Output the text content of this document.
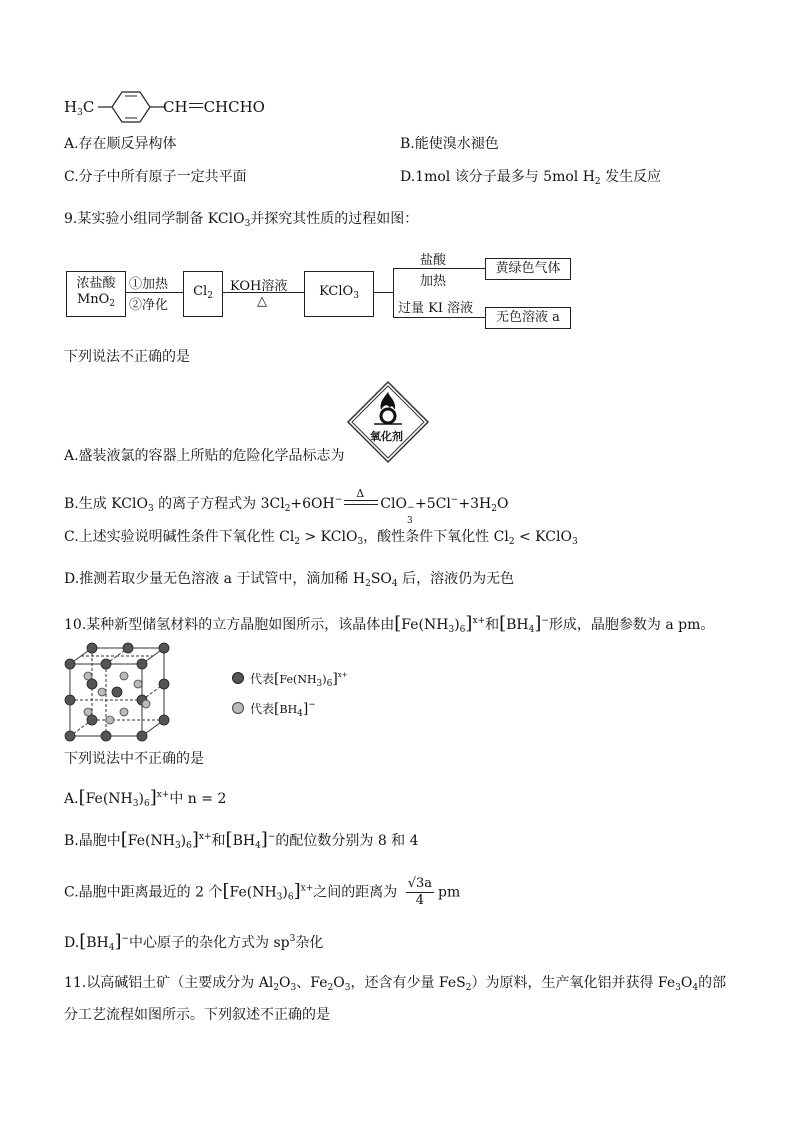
$H_3C$	CH CHCHO
A.存在顺反异构体	B.能使溴水褪色
C.分子中所有原子一定共平面	D.1mol 该分子最多与 5mol $H_2$ 发生反应
9.某实验小组同学制备 KClO$_3$并探究其性质的过程如图：
浓盐酸
MnO$_2$
①加热
②净化
$Cl_2$
KOH溶液
△
KClO$_3$
盐酸
加热
过量 KI 溶液
黄绿色气体
无色溶液 a
下列说法不正确的是
氧化剂
A.盛装液氯的容器上所贴的危险化学品标志为
B.生成 KClO$_3$ 的离子方程式为 $3Cl_2+6OH^-$ Δ
ClO −
3
$+5Cl^-+3H_2O$
C.上述实验说明碱性条件下氧化性 $Cl_2$ > KClO$_3$，酸性条件下氧化性 $Cl_2$ < KClO$_3$
D.推测若取少量无色溶液 a 于试管中，滴加稀 $H_2SO_4$ 后，溶液仍为无色
10.某种新型储氢材料的立方晶胞如图所示，该晶体由$[Fe(NH_3)_6]^{x+}$和$[BH_4]^-$形成，晶胞参数为 a pm。
代表$[Fe(NH_3)_6]^{x+}$
代表$[BH_4]^-$
下列说法中不正确的是
$A.[Fe(NH_3)_6]^{x+}$中 n = 2
B.晶胞中$[Fe(NH_3)_6]^{x+}$和$[BH_4]^-$的配位数分别为 8 和 4
C.晶胞中距离最近的 2 个$[Fe(NH_3)_6]^{x+}$之间的距离为 $\frac{√3a}{4}$ pm
$D.[BH_4]^-$中心原子的杂化方式为 $sp^3$杂化
11.以高碱铝土矿（主要成分为 $Al_2O_3$、$Fe_2O_3$，还含有少量 FeS$_2$）为原料，生产氧化铝并获得 $Fe_3O_4$的部
分工艺流程如图所示。下列叙述不正确的是
